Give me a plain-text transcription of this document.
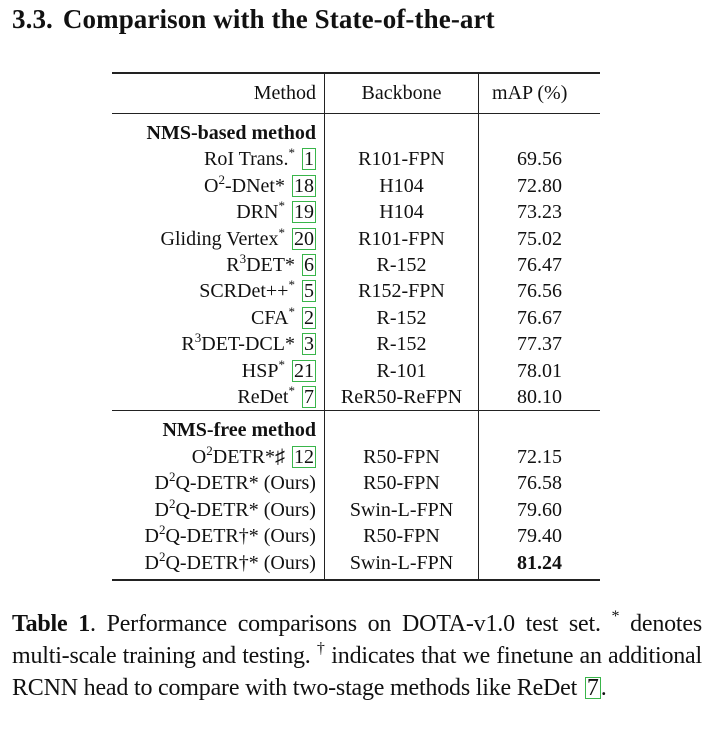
3.3. Comparison with the State-of-the-art
Method	Backbone	mAP (%)
NMS-based method		
RoI Trans.* 1	R101-FPN	69.56
$O^2-DNet*$ 18	H104	72.80
DRN* 19	H104	73.23
Gliding Vertex* 20	R101-FPN	75.02
$R^3DET*$ 6	R-152	76.47
SCRDet++* 5	R152-FPN	76.56
CFA* 2	R-152	76.67
$R^3DET-DCL*$ 3	R-152	77.37
HSP* 21	R-101	78.01
ReDet* 7	ReR50-ReFPN	80.10
NMS-free method		
$O^2DETR*♯$ 12	R50-FPN	72.15
$D^2Q-DETR*$ (Ours)	R50-FPN	76.58
$D^2Q-DETR*$ (Ours)	Swin-L-FPN	79.60
$D^2Q-DETR\dagger*$ (Ours)	R50-FPN	79.40
$D^2Q-DETR\dagger*$ (Ours)	Swin-L-FPN	81.24
Table 1. Performance comparisons on DOTA-v1.0 test set. * denotes multi-scale training and testing. † indicates that we finetune an additional RCNN head to compare with two-stage methods like ReDet 7.
